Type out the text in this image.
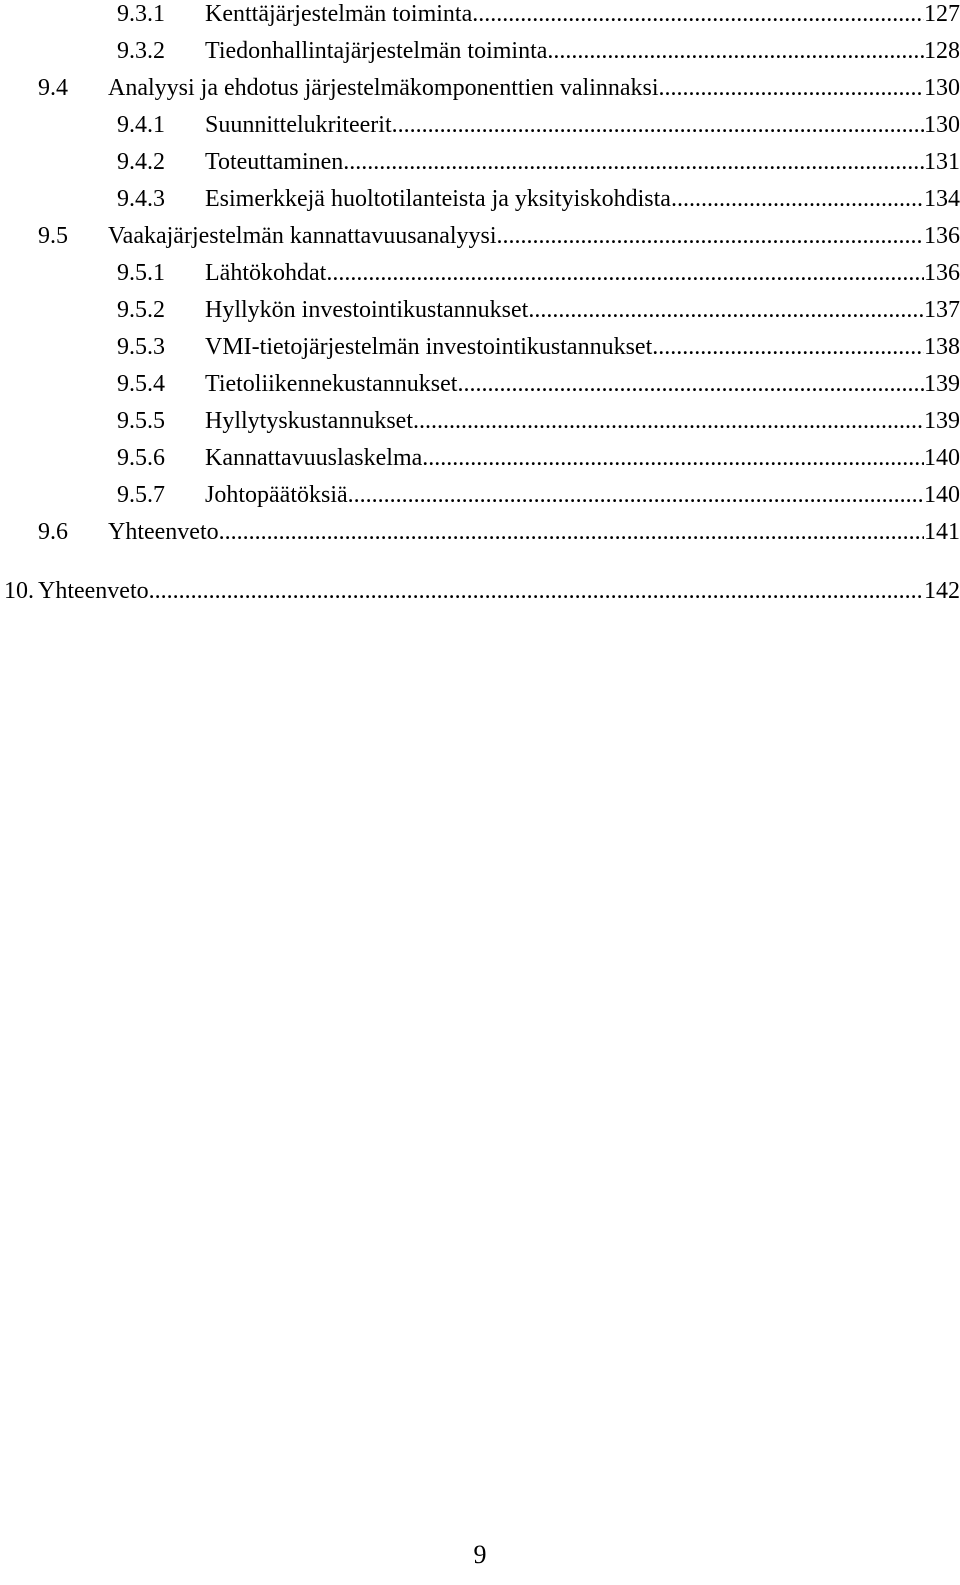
9.3.1 Kenttäjärjestelmän toiminta .....	127
9.3.2 Tiedonhallintajärjestelmän toiminta .....	128
9.4 Analyysi ja ehdotus järjestelmäkomponenttien valinnaksi .....	130
9.4.1 Suunnittelukriteerit .....	130
9.4.2 Toteuttaminen .....	131
9.4.3 Esimerkkejä huoltotilanteista ja yksityiskohdista .....	134
9.5 Vaakajärjestelmän kannattavuusanalyysi .....	136
9.5.1 Lähtökohdat .....	136
9.5.2 Hyllykön investointikustannukset .....	137
9.5.3 VMI-tietojärjestelmän investointikustannukset .....	138
9.5.4 Tietoliikennekustannukset .....	139
9.5.5 Hyllytyskustannukset .....	139
9.5.6 Kannattavuuslaskelma .....	140
9.5.7 Johtopäätöksiä .....	140
9.6 Yhteenveto .....	141
10. Yhteenveto .....	142
9
